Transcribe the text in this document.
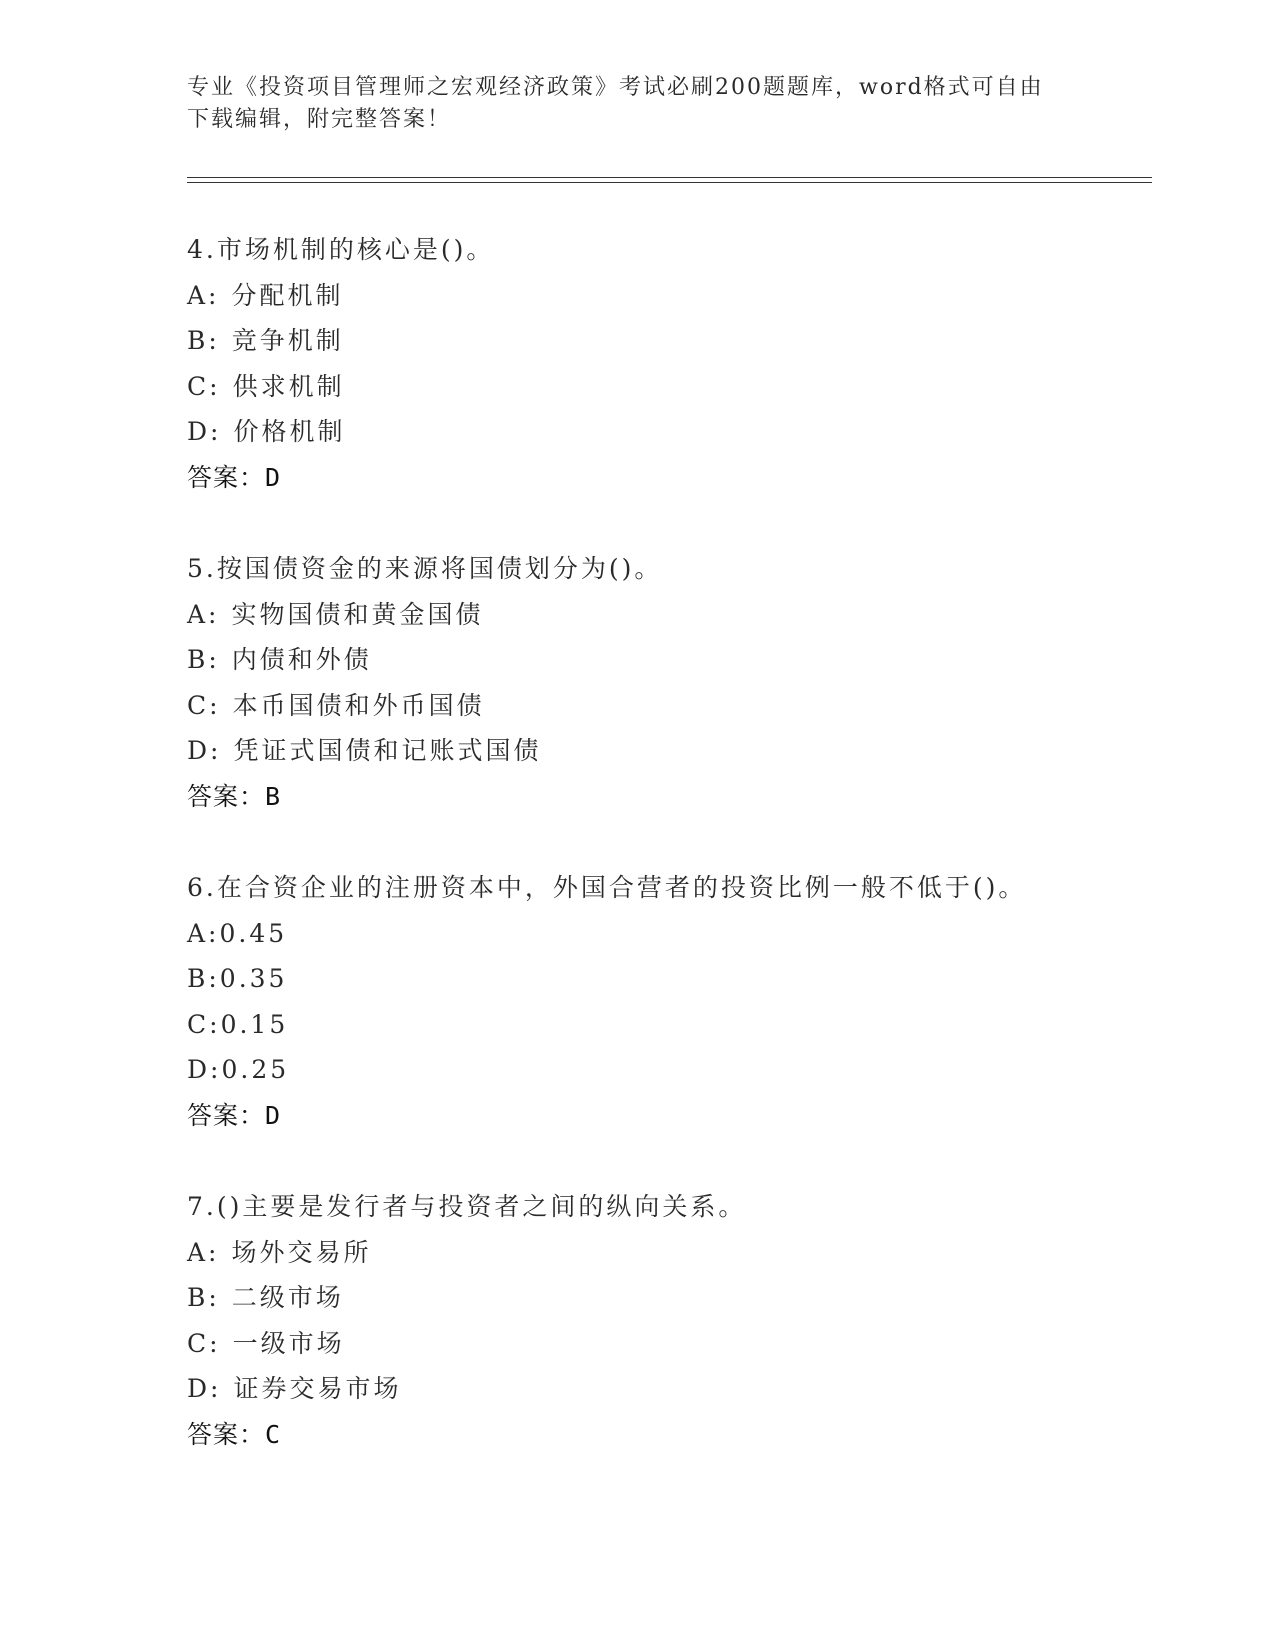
专业《投资项目管理师之宏观经济政策》考试必刷200题题库，word格式可自由
下载编辑，附完整答案！
4.市场机制的核心是()。
A: 分配机制
B: 竞争机制
C: 供求机制
D: 价格机制
答案：D
5.按国债资金的来源将国债划分为()。
A: 实物国债和黄金国债
B: 内债和外债
C: 本币国债和外币国债
D: 凭证式国债和记账式国债
答案：B
6.在合资企业的注册资本中，外国合营者的投资比例一般不低于()。
A:0.45
B:0.35
C:0.15
D:0.25
答案：D
7.()主要是发行者与投资者之间的纵向关系。
A: 场外交易所
B: 二级市场
C: 一级市场
D: 证券交易市场
答案：C
